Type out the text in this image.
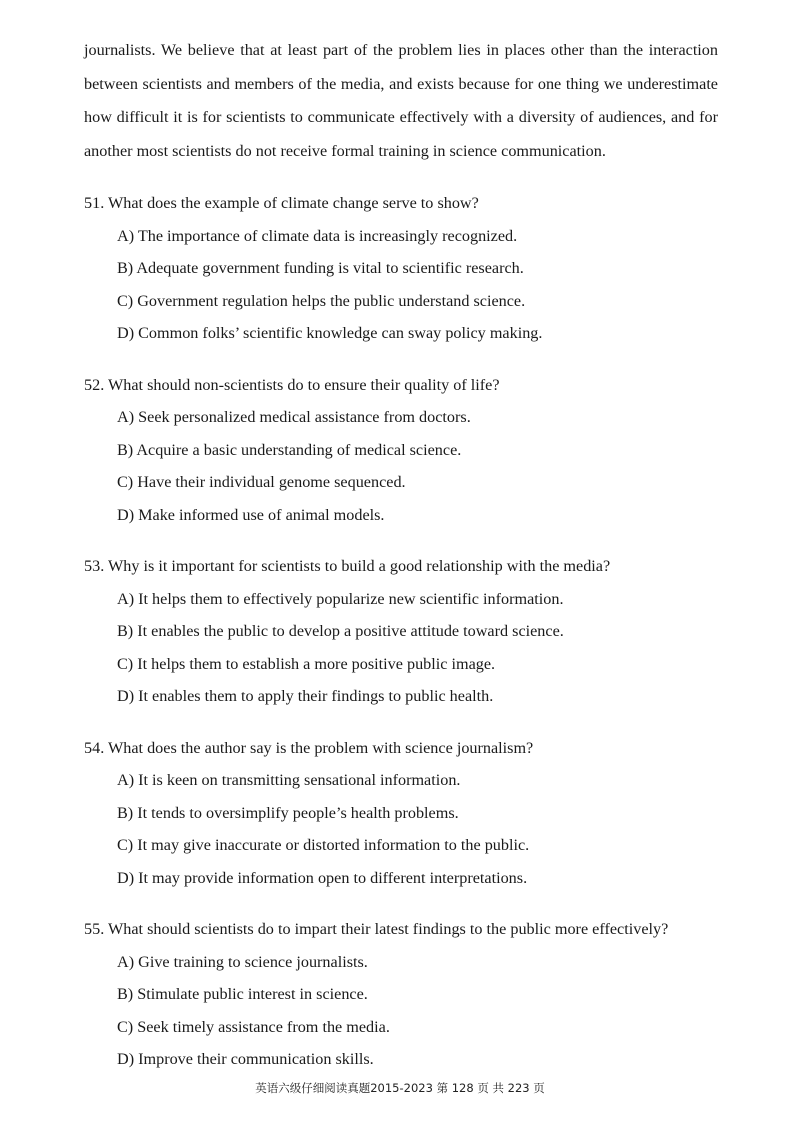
journalists. We believe that at least part of the problem lies in places other than the interaction between scientists and members of the media, and exists because for one thing we underestimate how difficult it is for scientists to communicate effectively with a diversity of audiences, and for another most scientists do not receive formal training in science communication.

51. What does the example of climate change serve to show?

A) The importance of climate data is increasingly recognized.
B) Adequate government funding is vital to scientific research.
C) Government regulation helps the public understand science.
D) Common folks’ scientific knowledge can sway policy making.

52. What should non-scientists do to ensure their quality of life?

A) Seek personalized medical assistance from doctors.
B) Acquire a basic understanding of medical science.
C) Have their individual genome sequenced.
D) Make informed use of animal models.

53. Why is it important for scientists to build a good relationship with the media?

A) It helps them to effectively popularize new scientific information.
B) It enables the public to develop a positive attitude toward science.
C) It helps them to establish a more positive public image.
D) It enables them to apply their findings to public health.

54. What does the author say is the problem with science journalism?

A) It is keen on transmitting sensational information.
B) It tends to oversimplify people’s health problems.
C) It may give inaccurate or distorted information to the public.
D) It may provide information open to different interpretations.

55. What should scientists do to impart their latest findings to the public more effectively?

A) Give training to science journalists.
B) Stimulate public interest in science.
C) Seek timely assistance from the media.
D) Improve their communication skills.
英语六级仔细阅读真题2015-2023 第 128 页 共 223 页
